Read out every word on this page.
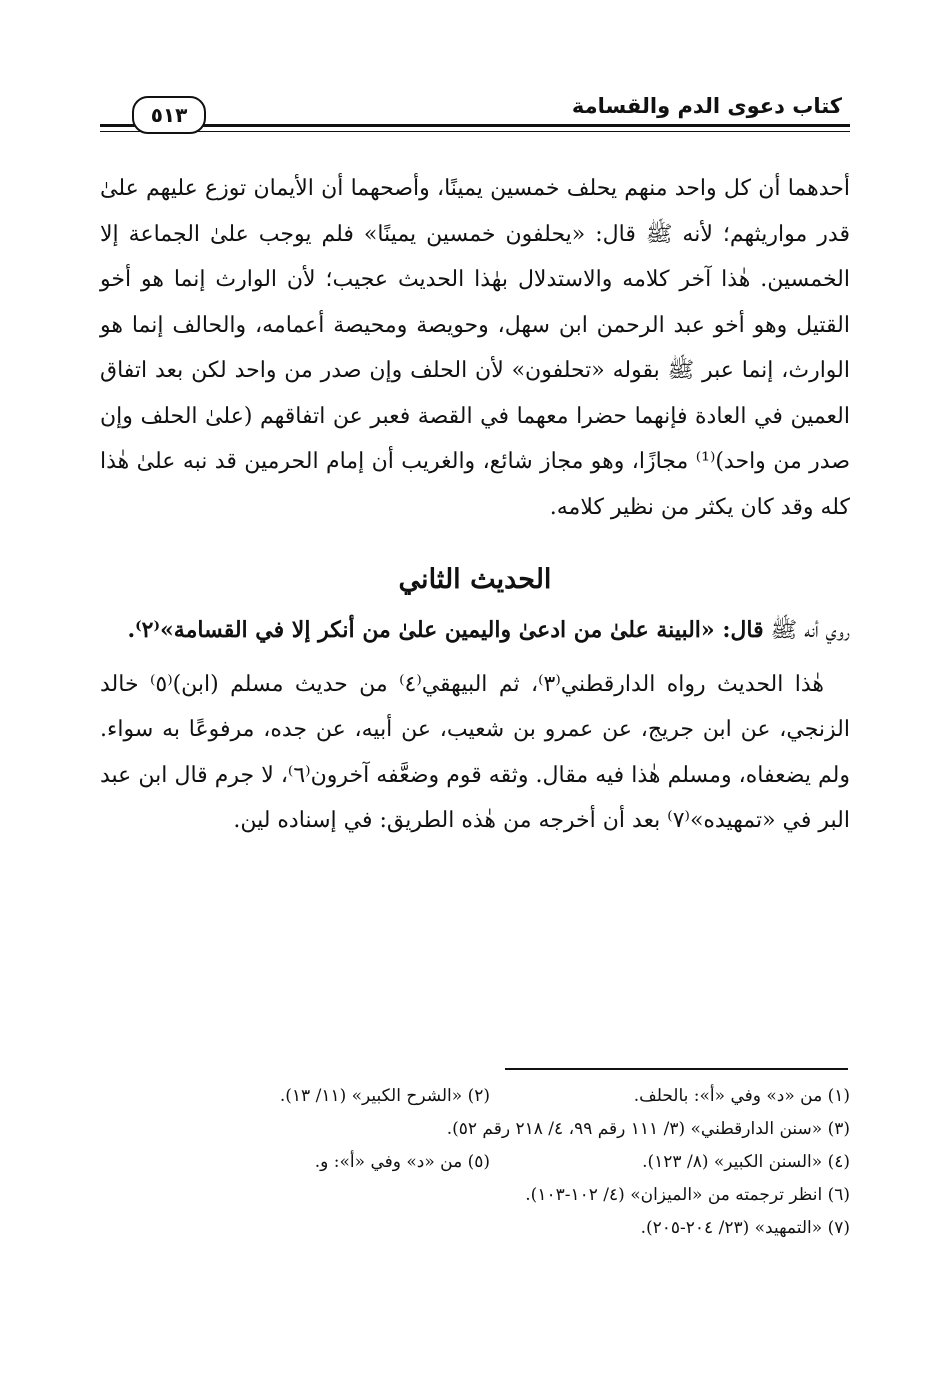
٥١٣	كتاب دعوى الدم والقسامة

أحدهما أن كل واحد منهم يحلف خمسين يمينًا، وأصحهما أن الأيمان توزع عليهم علىٰ قدر مواريثهم؛ لأنه ﷺ قال: «يحلفون خمسين يمينًا» فلم يوجب علىٰ الجماعة إلا الخمسين. هٰذا آخر كلامه والاستدلال بهٰذا الحديث عجيب؛ لأن الوارث إنما هو أخو القتيل وهو أخو عبد الرحمن ابن سهل، وحويصة ومحيصة أعمامه، والحالف إنما هو الوارث، إنما عبر ﷺ بقوله «تحلفون» لأن الحلف وإن صدر من واحد لكن بعد اتفاق العمين في العادة فإنهما حضرا معهما في القصة فعبر عن اتفاقهم (علىٰ الحلف وإن صدر من واحد)⁽¹⁾ مجازًا، وهو مجاز شائع، والغريب أن إمام الحرمين قد نبه علىٰ هٰذا كله وقد كان يكثر من نظير كلامه.

الحديث الثاني

روي أنه ﷺ قال: «البينة علىٰ من ادعىٰ واليمين علىٰ من أنكر إلا في القسامة»⁽٢⁾.

هٰذا الحديث رواه الدارقطني⁽٣⁾، ثم البيهقي⁽٤⁾ من حديث مسلم (ابن)⁽٥⁾ خالد الزنجي، عن ابن جريج، عن عمرو بن شعيب، عن أبيه، عن جده، مرفوعًا به سواء. ولم يضعفاه، ومسلم هٰذا فيه مقال. وثقه قوم وضعَّفه آخرون⁽٦⁾، لا جرم قال ابن عبد البر في «تمهيده»⁽٧⁾ بعد أن أخرجه من هٰذه الطريق: في إسناده لين.

(١) من «د» وفي «أ»: بالحلف.
(٢) «الشرح الكبير» (١١/ ١٣).
(٣) «سنن الدارقطني» (٣/ ١١١ رقم ٩٩، ٤/ ٢١٨ رقم ٥٢).
(٤) «السنن الكبير» (٨/ ١٢٣).
(٥) من «د» وفي «أ»: و.
(٦) انظر ترجمته من «الميزان» (٤/ ١٠٢-١٠٣).
(٧) «التمهيد» (٢٣/ ٢٠٤-٢٠٥).
